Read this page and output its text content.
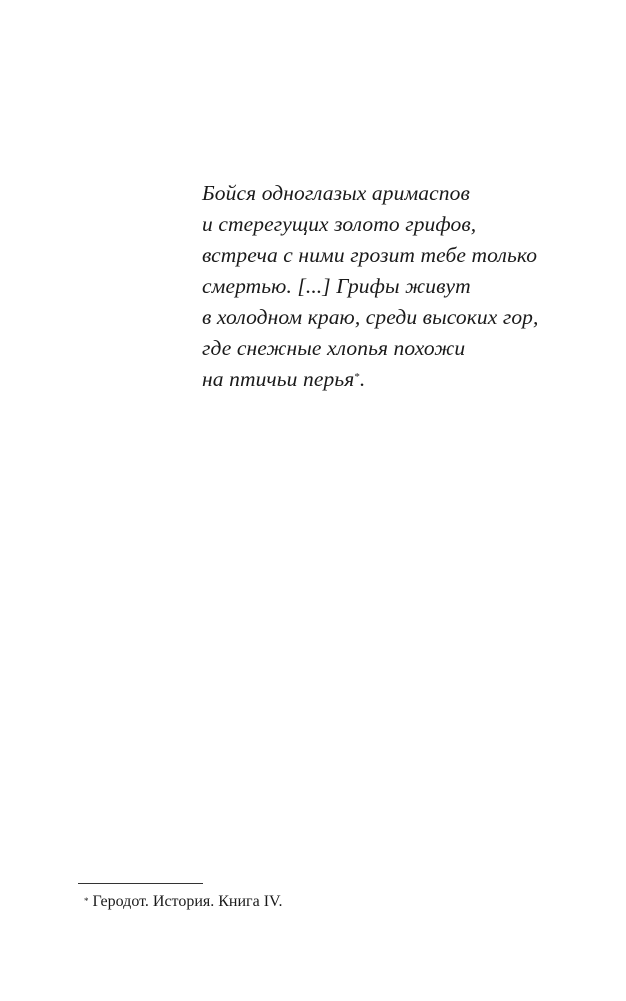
Бойся одноглазых аримаспов
и стерегущих золото грифов,
встреча с ними грозит тебе только
смертью. [...] Грифы живут
в холодном краю, среди высоких гор,
где снежные хлопья похожи
на птичьи перья*.
* Геродот. История. Книга IV.
